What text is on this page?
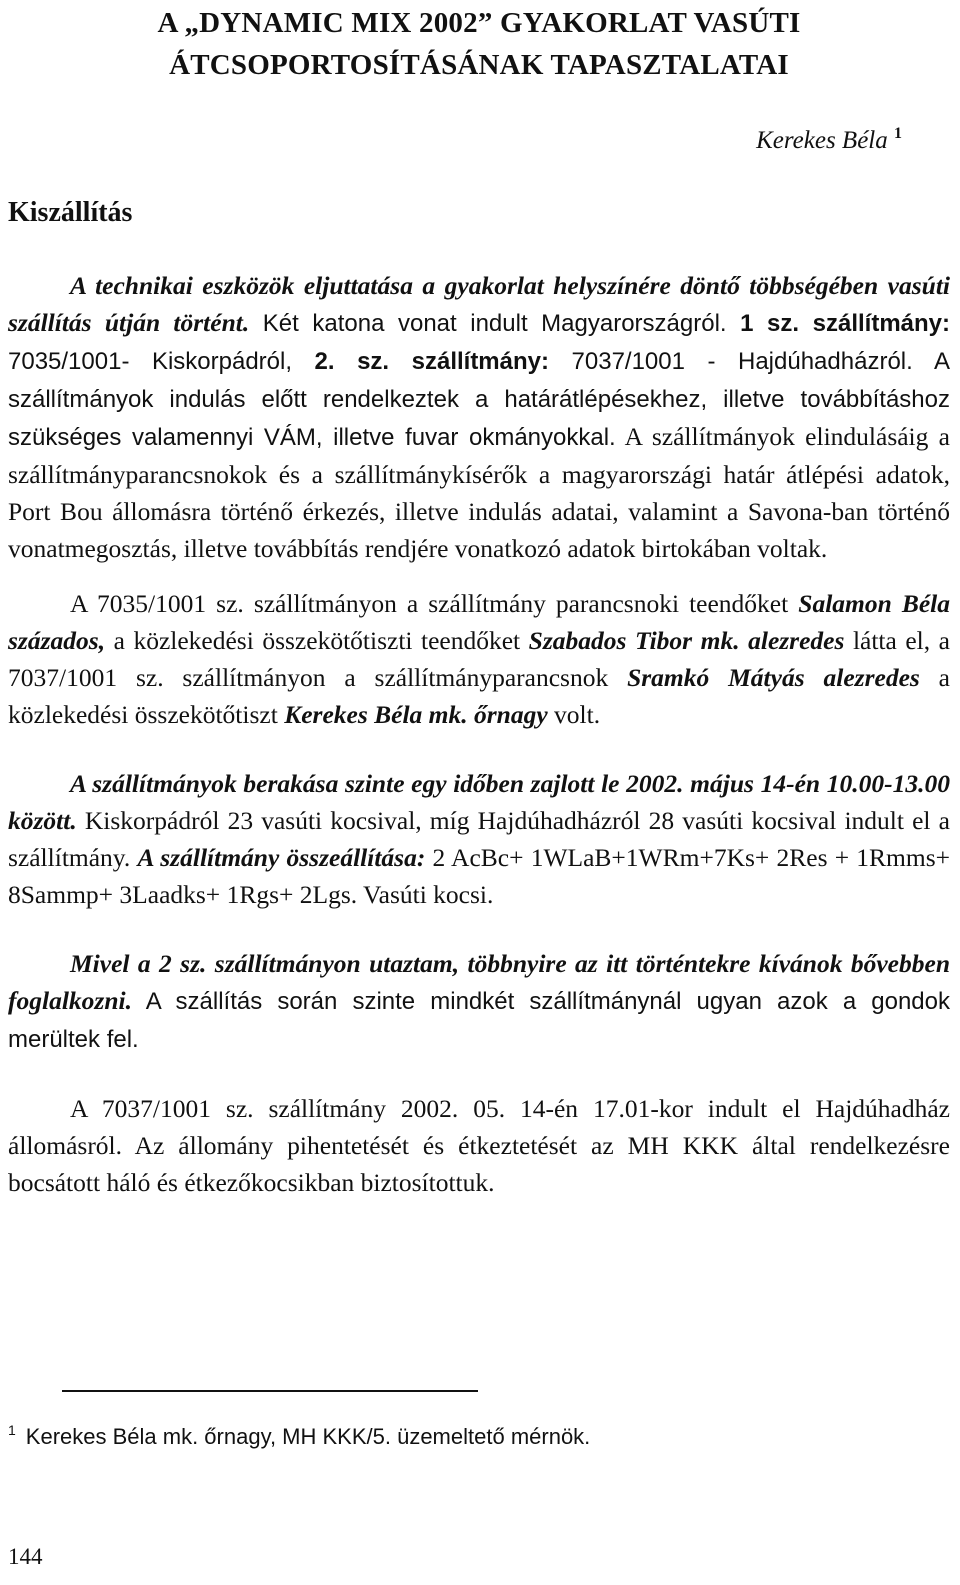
A „DYNAMIC MIX 2002” GYAKORLAT VASÚTI
ÁTCSOPORTOSÍTÁSÁNAK TAPASZTALATAI
Kerekes Béla $^1$
Kiszállítás

A technikai eszközök eljuttatása a gyakorlat helyszínére döntő többségében vasúti szállítás útján történt. Két katona vonat indult Magyarországról. 1 sz. szállítmány: 7035/1001- Kiskorpádról, 2. sz. szállítmány: 7037/1001 - Hajdúhadházról. A szállítmányok indulás előtt rendelkeztek a határátlépésekhez, illetve továbbításhoz szükséges valamennyi VÁM, illetve fuvar okmányokkal. A szállítmányok elindulásáig a szállítmányparancsnokok és a szállítmánykísérők a magyarországi határ átlépési adatok, Port Bou állomásra történő érkezés, illetve indulás adatai, valamint a Savona-ban történő vonatmegosztás, illetve továbbítás rendjére vonatkozó adatok birtokában voltak.

A 7035/1001 sz. szállítmányon a szállítmány parancsnoki teendőket Salamon Béla százados, a közlekedési összekötőtiszti teendőket Szabados Tibor mk. alezredes látta el, a 7037/1001 sz. szállítmányon a szállítmányparancsnok Sramkó Mátyás alezredes a közlekedési összekötőtiszt Kerekes Béla mk. őrnagy volt.

A szállítmányok berakása szinte egy időben zajlott le 2002. május 14-én 10.00-13.00 között. Kiskorpádról 23 vasúti kocsival, míg Hajdúhadházról 28 vasúti kocsival indult el a szállítmány. A szállítmány összeállítása: 2 AcBc+ 1WLaB+1WRm+7Ks+ 2Res + 1Rmms+ 8Sammp+ 3Laadks+ 1Rgs+ 2Lgs. Vasúti kocsi.

Mivel a 2 sz. szállítmányon utaztam, többnyire az itt történtekre kívánok bővebben foglalkozni. A szállítás során szinte mindkét szállítmánynál ugyan azok a gondok merültek fel.

A 7037/1001 sz. szállítmány 2002. 05. 14-én 17.01-kor indult el Hajdúhadház állomásról. Az állomány pihentetését és étkeztetését az MH KKK által rendelkezésre bocsátott háló és étkezőkocsikban biztosítottuk.

$^1$ Kerekes Béla mk. őrnagy, MH KKK/5. üzemeltető mérnök.
144
